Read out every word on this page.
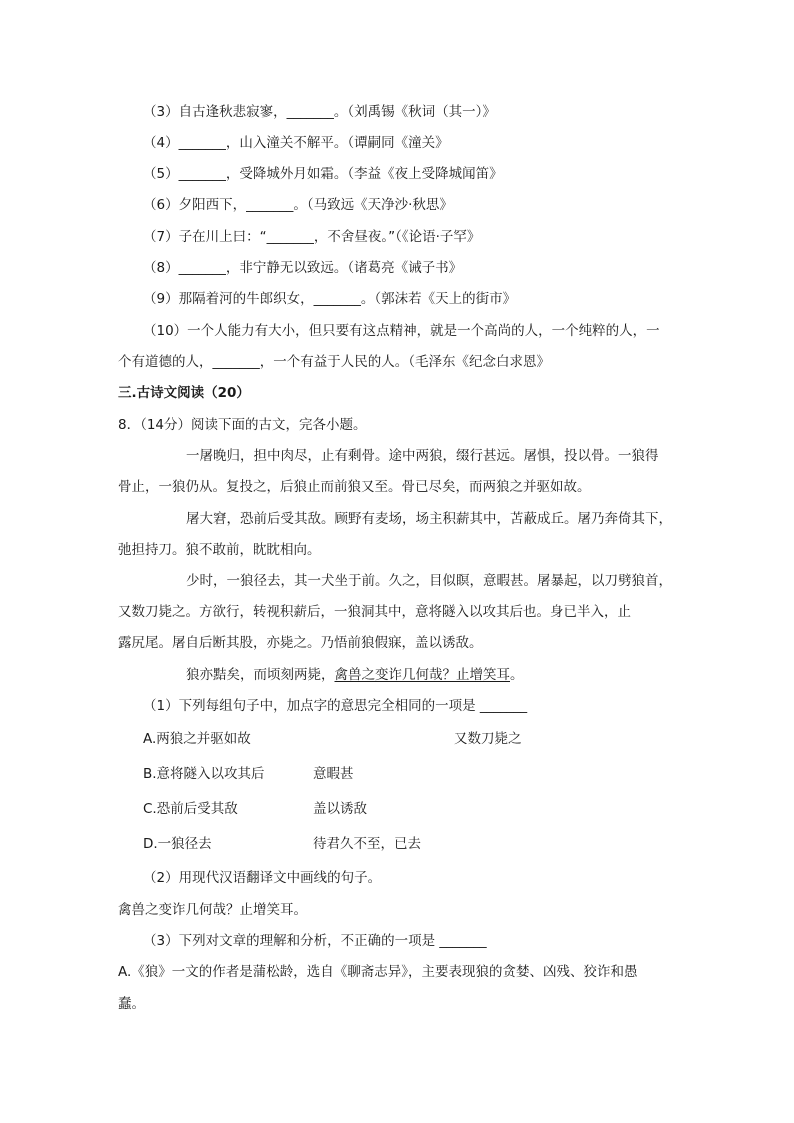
（3）自古逢秋悲寂寥，_______。（刘禹锡《秋词（其一）》
（4）_______，山入潼关不解平。（谭嗣同《潼关》
（5）_______，受降城外月如霜。（李益《夜上受降城闻笛》
（6）夕阳西下，_______。（马致远《天净沙·秋思》
（7）子在川上曰：“_______，不舍昼夜。”（《论语·子罕》
（8）_______，非宁静无以致远。（诸葛亮《诫子书》
（9）那隔着河的牛郎织女，_______。（郭沫若《天上的街市》
（10）一个人能力有大小，但只要有这点精神，就是一个高尚的人，一个纯粹的人，一
个有道德的人，_______，一个有益于人民的人。（毛泽东《纪念白求恩》
三.古诗文阅读（20）
8．（14分）阅读下面的古文，完各小题。
一屠晚归，担中肉尽，止有剩骨。途中两狼，缀行甚远。屠惧，投以骨。一狼得
骨止，一狼仍从。复投之，后狼止而前狼又至。骨已尽矣，而两狼之并驱如故。
屠大窘，恐前后受其敌。顾野有麦场，场主积薪其中，苫蔽成丘。屠乃奔倚其下，
弛担持刀。狼不敢前，眈眈相向。
少时，一狼径去，其一犬坐于前。久之，目似瞑，意暇甚。屠暴起，以刀劈狼首，
又数刀毙之。方欲行，转视积薪后，一狼洞其中，意将隧入以攻其后也。身已半入，止
露尻尾。屠自后断其股，亦毙之。乃悟前狼假寐，盖以诱敌。
狼亦黠矣，而顷刻两毙，禽兽之变诈几何哉？止增笑耳。
（1）下列每组句子中，加点字的意思完全相同的一项是 _______
A.两狼之并驱如故	又数刀毙之
B.意将隧入以攻其后	意暇甚
C.恐前后受其敌	盖以诱敌
D.一狼径去	待君久不至，已去
（2）用现代汉语翻译文中画线的句子。
禽兽之变诈几何哉？止增笑耳。
（3）下列对文章的理解和分析，不正确的一项是 _______
A.《狼》一文的作者是蒲松龄，选自《聊斋志异》，主要表现狼的贪婪、凶残、狡诈和愚
蠢。
